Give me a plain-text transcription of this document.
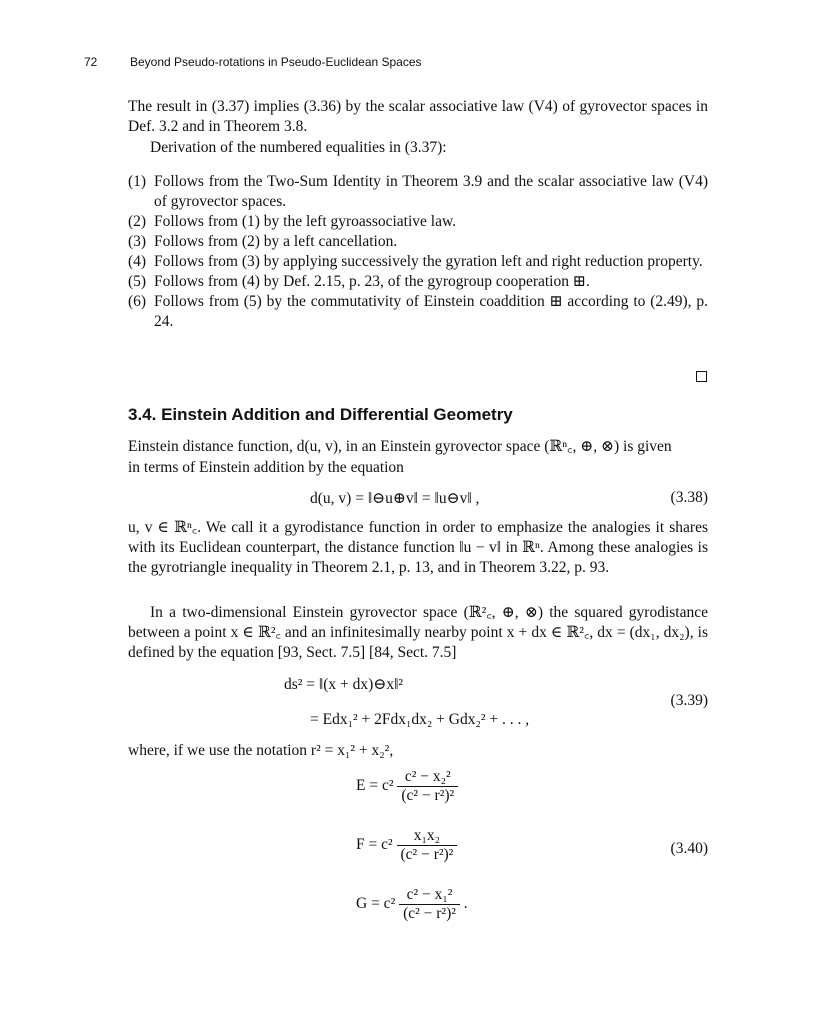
72	Beyond Pseudo-rotations in Pseudo-Euclidean Spaces
The result in (3.37) implies (3.36) by the scalar associative law (V4) of gyrovector spaces in Def. 3.2 and in Theorem 3.8.
Derivation of the numbered equalities in (3.37):
(1) Follows from the Two-Sum Identity in Theorem 3.9 and the scalar associative law (V4) of gyrovector spaces.
(2) Follows from (1) by the left gyroassociative law.
(3) Follows from (2) by a left cancellation.
(4) Follows from (3) by applying successively the gyration left and right reduction property.
(5) Follows from (4) by Def. 2.15, p. 23, of the gyrogroup cooperation ⊞.
(6) Follows from (5) by the commutativity of Einstein coaddition ⊞ according to (2.49), p. 24.
3.4. Einstein Addition and Differential Geometry
Einstein distance function, d(u, v), in an Einstein gyrovector space (ℝⁿ꜀, ⊕, ⊗) is given
in terms of Einstein addition by the equation
d(u, v) = ‖⊖u⊕v‖ = ‖u⊖v‖ ,	(3.38)
u, v ∈ ℝⁿ꜀. We call it a gyrodistance function in order to emphasize the analogies it shares with its Euclidean counterpart, the distance function ‖u − v‖ in ℝⁿ. Among these analogies is the gyrotriangle inequality in Theorem 2.1, p. 13, and in Theorem 3.22, p. 93.
In a two-dimensional Einstein gyrovector space (ℝ²꜀, ⊕, ⊗) the squared gyrodistance between a point x ∈ ℝ²꜀ and an infinitesimally nearby point x + dx ∈ ℝ²꜀, dx = (dx₁, dx₂), is defined by the equation [93, Sect. 7.5] [84, Sect. 7.5]
ds² = ‖(x + dx)⊖x‖²
= Edx₁² + 2Fdx₁dx₂ + Gdx₂² + . . . ,
(3.39)
where, if we use the notation r² = x₁² + x₂²,
$E = c^2 \frac{\text{c² − x₂²}}{\text{(c² − r²)²}}$
$F = c^2 \frac{\text{x₁x₂}}{\text{(c² − r²)²}}$	(3.40)
$G = c^2 \frac{\text{c² − x₁²}}{\text{(c² − r²)²}}$ .
